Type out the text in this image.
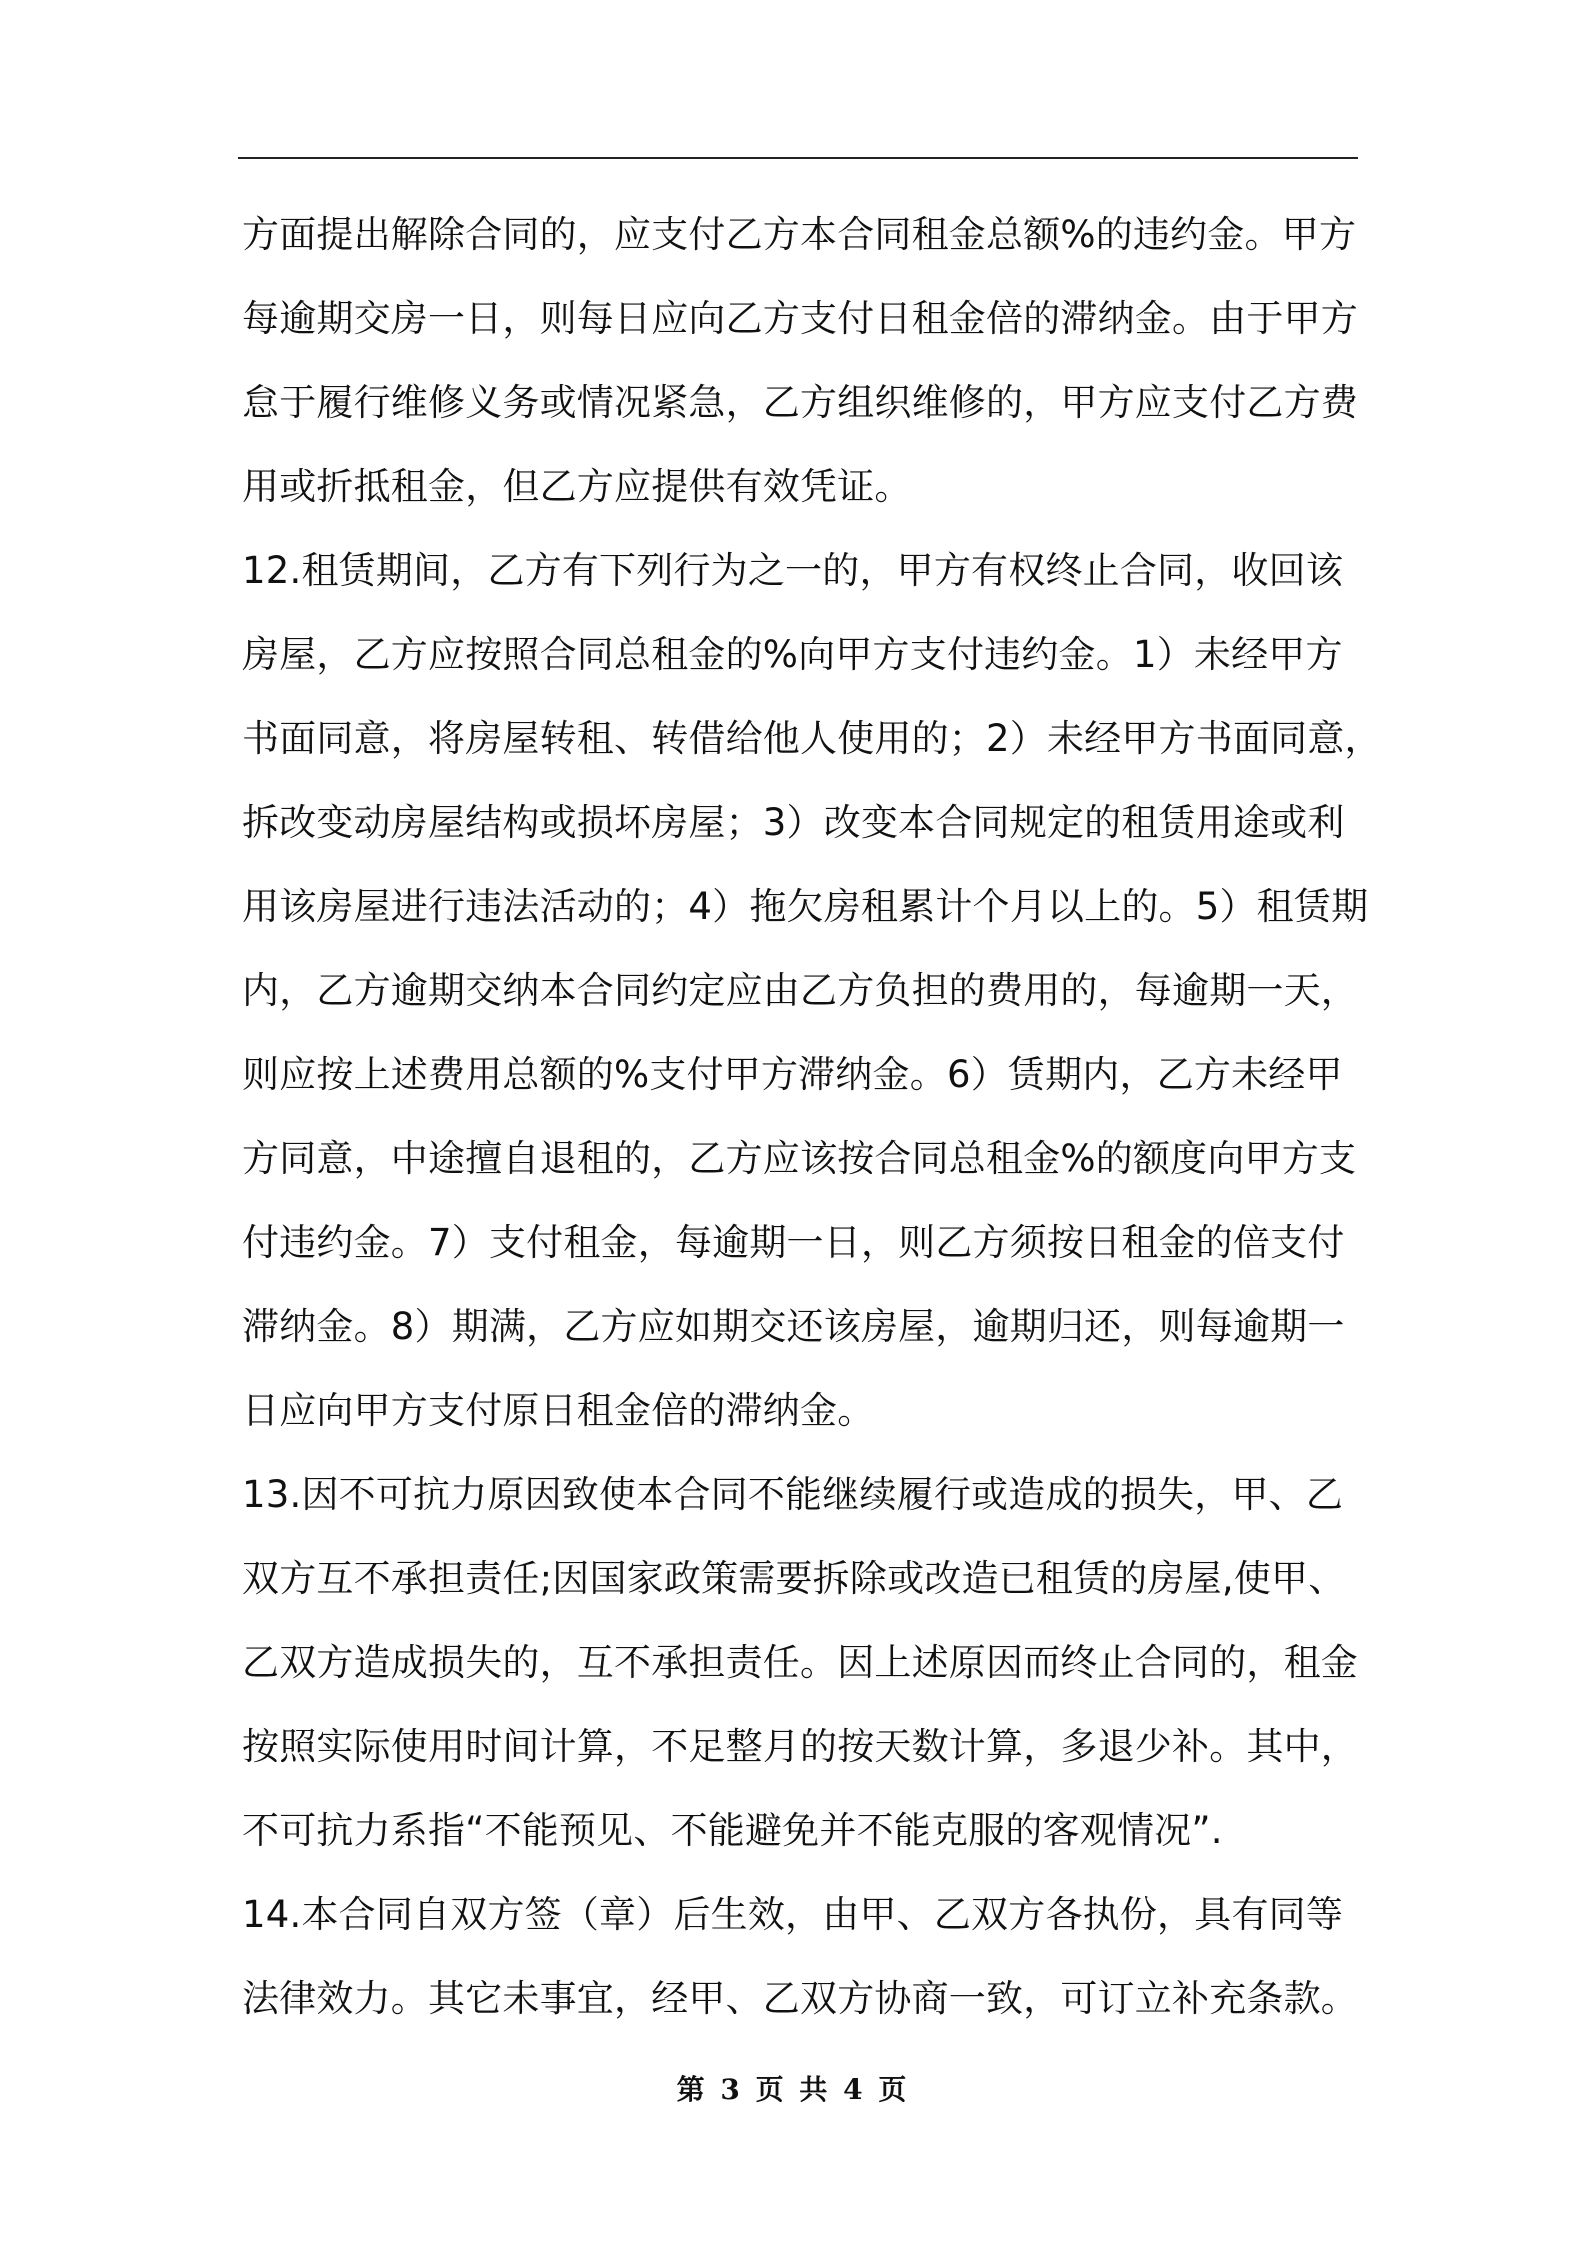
方面提出解除合同的，应支付乙方本合同租金总额%的违约金。甲方
每逾期交房一日，则每日应向乙方支付日租金倍的滞纳金。由于甲方
怠于履行维修义务或情况紧急，乙方组织维修的，甲方应支付乙方费
用或折抵租金，但乙方应提供有效凭证。
12.租赁期间，乙方有下列行为之一的，甲方有权终止合同，收回该
房屋，乙方应按照合同总租金的%向甲方支付违约金。1）未经甲方
书面同意，将房屋转租、转借给他人使用的；2）未经甲方书面同意，
拆改变动房屋结构或损坏房屋；3）改变本合同规定的租赁用途或利
用该房屋进行违法活动的；4）拖欠房租累计个月以上的。5）租赁期
内，乙方逾期交纳本合同约定应由乙方负担的费用的，每逾期一天，
则应按上述费用总额的%支付甲方滞纳金。6）赁期内，乙方未经甲
方同意，中途擅自退租的，乙方应该按合同总租金%的额度向甲方支
付违约金。7）支付租金，每逾期一日，则乙方须按日租金的倍支付
滞纳金。8）期满，乙方应如期交还该房屋，逾期归还，则每逾期一
日应向甲方支付原日租金倍的滞纳金。
13.因不可抗力原因致使本合同不能继续履行或造成的损失，甲、乙
双方互不承担责任;因国家政策需要拆除或改造已租赁的房屋,使甲、
乙双方造成损失的，互不承担责任。因上述原因而终止合同的，租金
按照实际使用时间计算，不足整月的按天数计算，多退少补。其中，
不可抗力系指“不能预见、不能避免并不能克服的客观情况”.
14.本合同自双方签（章）后生效，由甲、乙双方各执份，具有同等
法律效力。其它未事宜，经甲、乙双方协商一致，可订立补充条款。
第 3 页 共 4 页
